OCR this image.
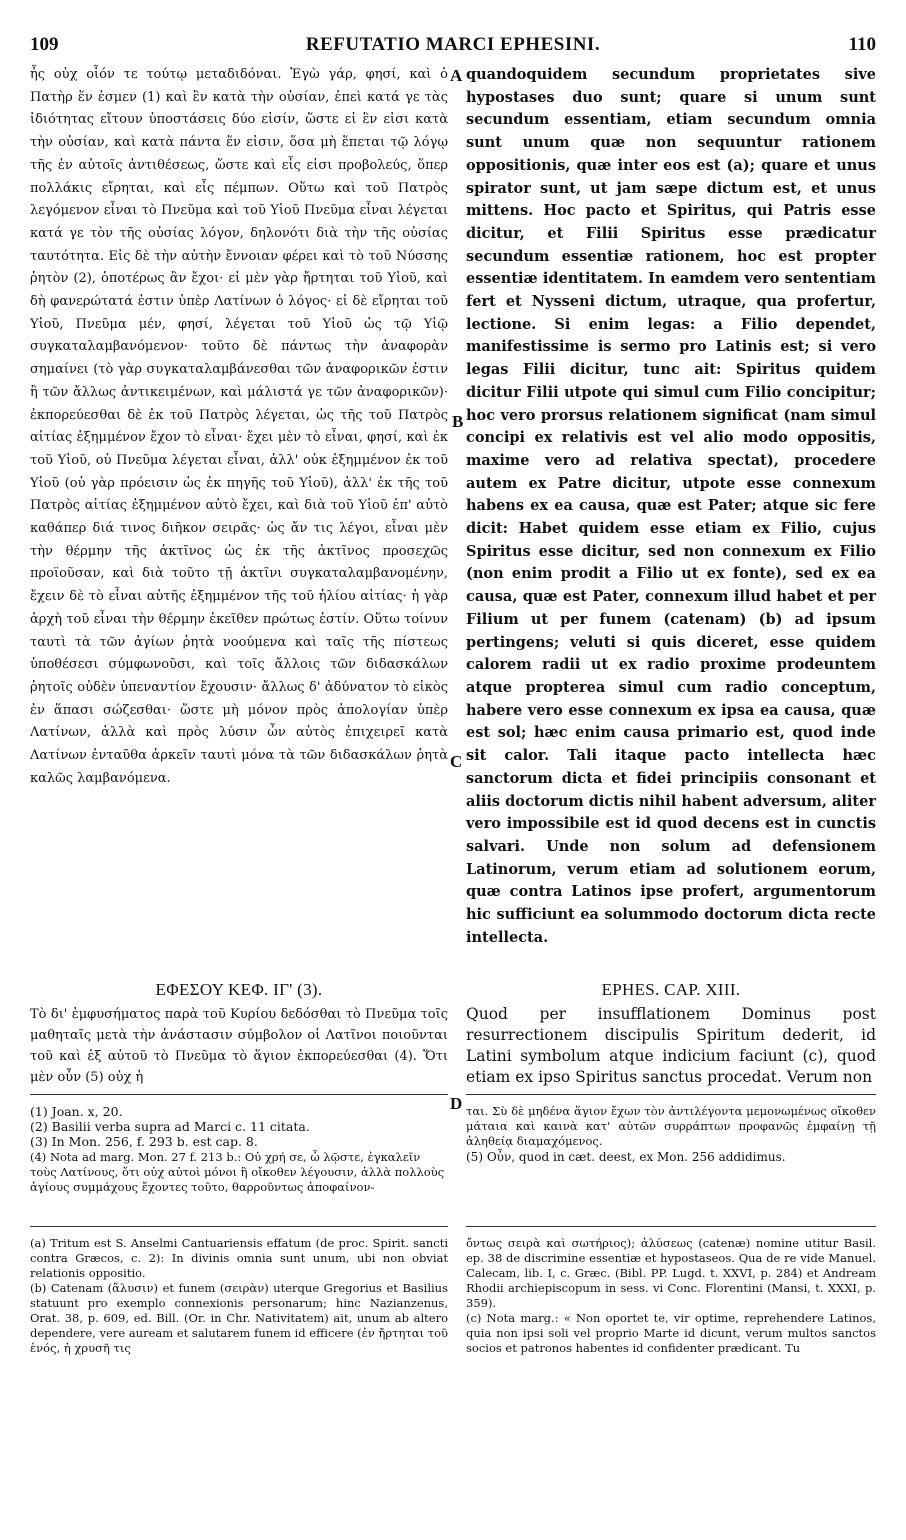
109	REFUTATIO MARCI EPHESINI.	110

ἧς οὐχ οἷόν τε τούτῳ μεταδιδόναι. Ἐγὼ γάρ, φησί, καὶ ὁ Πατὴρ ἕν ἐσμεν (1) καὶ ἓν κατὰ τὴν οὐσίαν, ἐπεὶ κατά γε τὰς ἰδιότητας εἴτουν ὑποστάσεις δύο εἰσίν, ὥστε εἰ ἓν εἰσι κατὰ τὴν οὐσίαν, καὶ κατὰ πάντα ἕν εἰσιν, ὅσα μὴ ἕπεται τῷ λόγῳ τῆς ἐν αὐτοῖς ἀντιθέσεως, ὥστε καὶ εἷς εἰσι προβολεύς, ὅπερ πολλάκις εἴρηται, καὶ εἷς πέμπων. Οὕτω καὶ τοῦ Πατρὸς λεγόμενον εἶναι τὸ Πνεῦμα καὶ τοῦ Υἱοῦ Πνεῦμα εἶναι λέγεται κατά γε τὸν τῆς οὐσίας λόγον, δηλονότι διὰ τὴν τῆς οὐσίας ταυτότητα. Εἰς δὲ τὴν αὐτὴν ἔννοιαν φέρει καὶ τὸ τοῦ Νύσσης ῥητὸν (2), ὁποτέρως ἂν ἔχοι· εἰ μὲν γὰρ ἤρτηται τοῦ Υἱοῦ, καὶ δὴ φανερώτατά ἐστιν ὑπὲρ Λατίνων ὁ λόγος· εἰ δὲ εἴρηται τοῦ Υἱοῦ, Πνεῦμα μέν, φησί, λέγεται τοῦ Υἱοῦ ὡς τῷ Υἱῷ συγκαταλαμβανόμενον· τοῦτο δὲ πάντως τὴν ἀναφορὰν σημαίνει (τὸ γὰρ συγκαταλαμβάνεσθαι τῶν ἀναφορικῶν ἐστιν ἢ τῶν ἄλλως ἀντικειμένων, καὶ μάλιστά γε τῶν ἀναφορικῶν)· ἐκπορεύεσθαι δὲ ἐκ τοῦ Πατρὸς λέγεται, ὡς τῆς τοῦ Πατρὸς αἰτίας ἐξημμένον ἔχον τὸ εἶναι· ἔχει μὲν τὸ εἶναι, φησί, καὶ ἐκ τοῦ Υἱοῦ, οὐ Πνεῦμα λέγεται εἶναι, ἀλλ' οὐκ ἐξημμένον ἐκ τοῦ Υἱοῦ (οὐ γὰρ πρόεισιν ὡς ἐκ πηγῆς τοῦ Υἱοῦ), ἀλλ' ἐκ τῆς τοῦ Πατρὸς αἰτίας ἐξημμένον αὐτὸ ἔχει, καὶ διὰ τοῦ Υἱοῦ ἐπ' αὐτὸ καθάπερ διά τινος διῆκον σειρᾶς· ὡς ἄν τις λέγοι, εἶναι μὲν τὴν θέρμην τῆς ἀκτῖνος ὡς ἐκ τῆς ἀκτῖνος προσεχῶς προϊοῦσαν, καὶ διὰ τοῦτο τῇ ἀκτῖνι συγκαταλαμβανομένην, ἔχειν δὲ τὸ εἶναι αὐτῆς ἐξημμένον τῆς τοῦ ἡλίου αἰτίας· ἡ γὰρ ἀρχὴ τοῦ εἶναι τὴν θέρμην ἐκεῖθεν πρώτως ἐστίν. Οὕτω τοίνυν ταυτὶ τὰ τῶν ἁγίων ῥητὰ νοούμενα καὶ ταῖς τῆς πίστεως ὑποθέσεσι σύμφωνοῦσι, καὶ τοῖς ἄλλοις τῶν διδασκάλων ῥητοῖς οὐδὲν ὑπεναντίον ἔχουσιν· ἄλλως δ' ἀδύνατον τὸ εἰκὸς ἐν ἅπασι σώζεσθαι· ὥστε μὴ μόνον πρὸς ἀπολογίαν ὑπὲρ Λατίνων, ἀλλὰ καὶ πρὸς λύσιν ὧν αὐτὸς ἐπιχειρεῖ κατὰ Λατίνων ἐνταῦθα ἀρκεῖν ταυτὶ μόνα τὰ τῶν διδασκάλων ῥητὰ καλῶς λαμβανόμενα.

quandoquidem secundum proprietates sive hypostases duo sunt; quare si unum sunt secundum essentiam, etiam secundum omnia sunt unum quæ non sequuntur rationem oppositionis, quæ inter eos est (a); quare et unus spirator sunt, ut jam sæpe dictum est, et unus mittens. Hoc pacto et Spiritus, qui Patris esse dicitur, et Filii Spiritus esse prædicatur secundum essentiæ rationem, hoc est propter essentiæ identitatem. In eamdem vero sententiam fert et Nysseni dictum, utraque, qua profertur, lectione. Si enim legas: a Filio dependet, manifestissime is sermo pro Latinis est; si vero legas Filii dicitur, tunc ait: Spiritus quidem dicitur Filii utpote qui simul cum Filio concipitur; hoc vero prorsus relationem significat (nam simul concipi ex relativis est vel alio modo oppositis, maxime vero ad relativa spectat), procedere autem ex Patre dicitur, utpote esse connexum habens ex ea causa, quæ est Pater; atque sic fere dicit: Habet quidem esse etiam ex Filio, cujus Spiritus esse dicitur, sed non connexum ex Filio (non enim prodit a Filio ut ex fonte), sed ex ea causa, quæ est Pater, connexum illud habet et per Filium ut per funem (catenam) (b) ad ipsum pertingens; veluti si quis diceret, esse quidem calorem radii ut ex radio proxime prodeuntem atque propterea simul cum radio conceptum, habere vero esse connexum ex ipsa ea causa, quæ est sol; hæc enim causa primario est, quod inde sit calor. Tali itaque pacto intellecta hæc sanctorum dicta et fidei principiis consonant et aliis doctorum dictis nihil habent adversum, aliter vero impossibile est id quod decens est in cunctis salvari. Unde non solum ad defensionem Latinorum, verum etiam ad solutionem eorum, quæ contra Latinos ipse profert, argumentorum hic sufficiunt ea solummodo doctorum dicta recte intellecta.

A
B
C
D
ΕΦΕΣΟΥ ΚΕΦ. ΙΓ' (3).	EPHES. CAP. XIII.

Τὸ δι' ἐμφυσήματος παρὰ τοῦ Κυρίου δεδόσθαι τὸ Πνεῦμα τοῖς μαθηταῖς μετὰ τὴν ἀνάστασιν σύμβολον οἱ Λατῖνοι ποιοῦνται τοῦ καὶ ἐξ αὐτοῦ τὸ Πνεῦμα τὸ ἅγιον ἐκπορεύεσθαι (4). Ὅτι μὲν οὖν (5) οὐχ ἡ

Quod per insufflationem Dominus post resurrectionem discipulis Spiritum dederit, id Latini symbolum atque indicium faciunt (c), quod etiam ex ipso Spiritus sanctus procedat. Verum non

(1) Joan. x, 20.

(2) Basilii verba supra ad Marci c. 11 citata.

(3) In Mon. 256, f. 293 b. est cap. 8.

(4) Nota ad marg. Mon. 27 f. 213 b.: Οὐ χρή σε, ὦ λῷστε, ἐγκαλεῖν τοὺς Λατίνους, ὅτι οὐχ αὐτοὶ μόνοι ἢ οἴκοθεν λέγουσιν, ἀλλὰ πολλοὺς ἁγίους συμμάχους ἔχοντες τοῦτο, θαρροῦντως ἀποφαίνον-

ται. Σὺ δὲ μηδένα ἅγιον ἔχων τὸν ἀντιλέγοντα μεμονωμένως οἴκοθεν μάταια καὶ καινὰ κατ' αὐτῶν συρράπτων προφανῶς ἐμφαίνῃ τῇ ἀληθείᾳ διαμαχόμενος.

(5) Οὖν, quod in cæt. deest, ex Mon. 256 addidimus.

(a) Tritum est S. Anselmi Cantuariensis effatum (de proc. Spirit. sancti contra Græcos, c. 2): In divinis omnia sunt unum, ubi non obviat relationis oppositio.

(b) Catenam (ἅλυσιν) et funem (σειρὰν) uterque Gregorius et Basilius statuunt pro exemplo connexionis personarum; hinc Nazianzenus, Orat. 38, p. 609, ed. Bill. (Or. in Chr. Nativitatem) ait, unum ab altero dependere, vere auream et salutarem funem id efficere (ἐν ἤρτηται τοῦ ἑνός, ἡ χρυσῆ τις

ὄντως σειρὰ καὶ σωτήριος); ἀλύσεως (catenæ) nomine utitur Basil. ep. 38 de discrimine essentiæ et hypostaseos. Qua de re vide Manuel. Calecam, lib. I, c. Græc. (Bibl. PP. Lugd. t. XXVI, p. 284) et Andream Rhodii archiepiscopum in sess. vi Conc. Florentini (Mansi, t. XXXI, p. 359).

(c) Nota marg.: « Non oportet te, vir optime, reprehendere Latinos, quia non ipsi soli vel proprio Marte id dicunt, verum multos sanctos socios et patronos habentes id confidenter prædicant. Tu
